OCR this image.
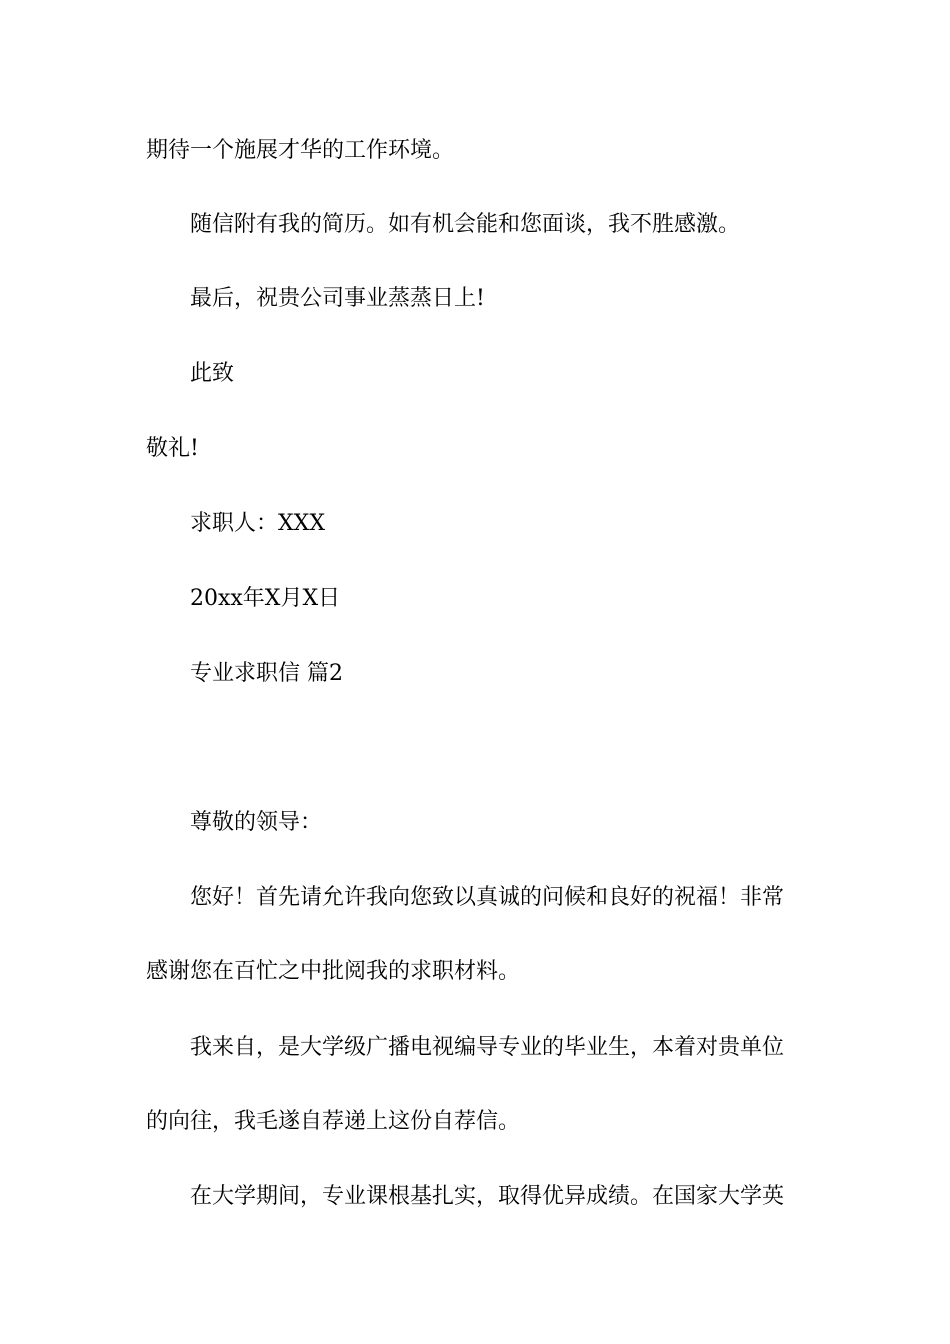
期待一个施展才华的工作环境。
随信附有我的简历。如有机会能和您面谈，我不胜感激。
最后，祝贵公司事业蒸蒸日上!
此致
敬礼!
求职人：XXX
20xx年X月X日
专业求职信 篇2
尊敬的领导：
您好！首先请允许我向您致以真诚的问候和良好的祝福！非常
感谢您在百忙之中批阅我的求职材料。
我来自，是大学级广播电视编导专业的毕业生，本着对贵单位
的向往，我毛遂自荐递上这份自荐信。
在大学期间，专业课根基扎实，取得优异成绩。在国家大学英
